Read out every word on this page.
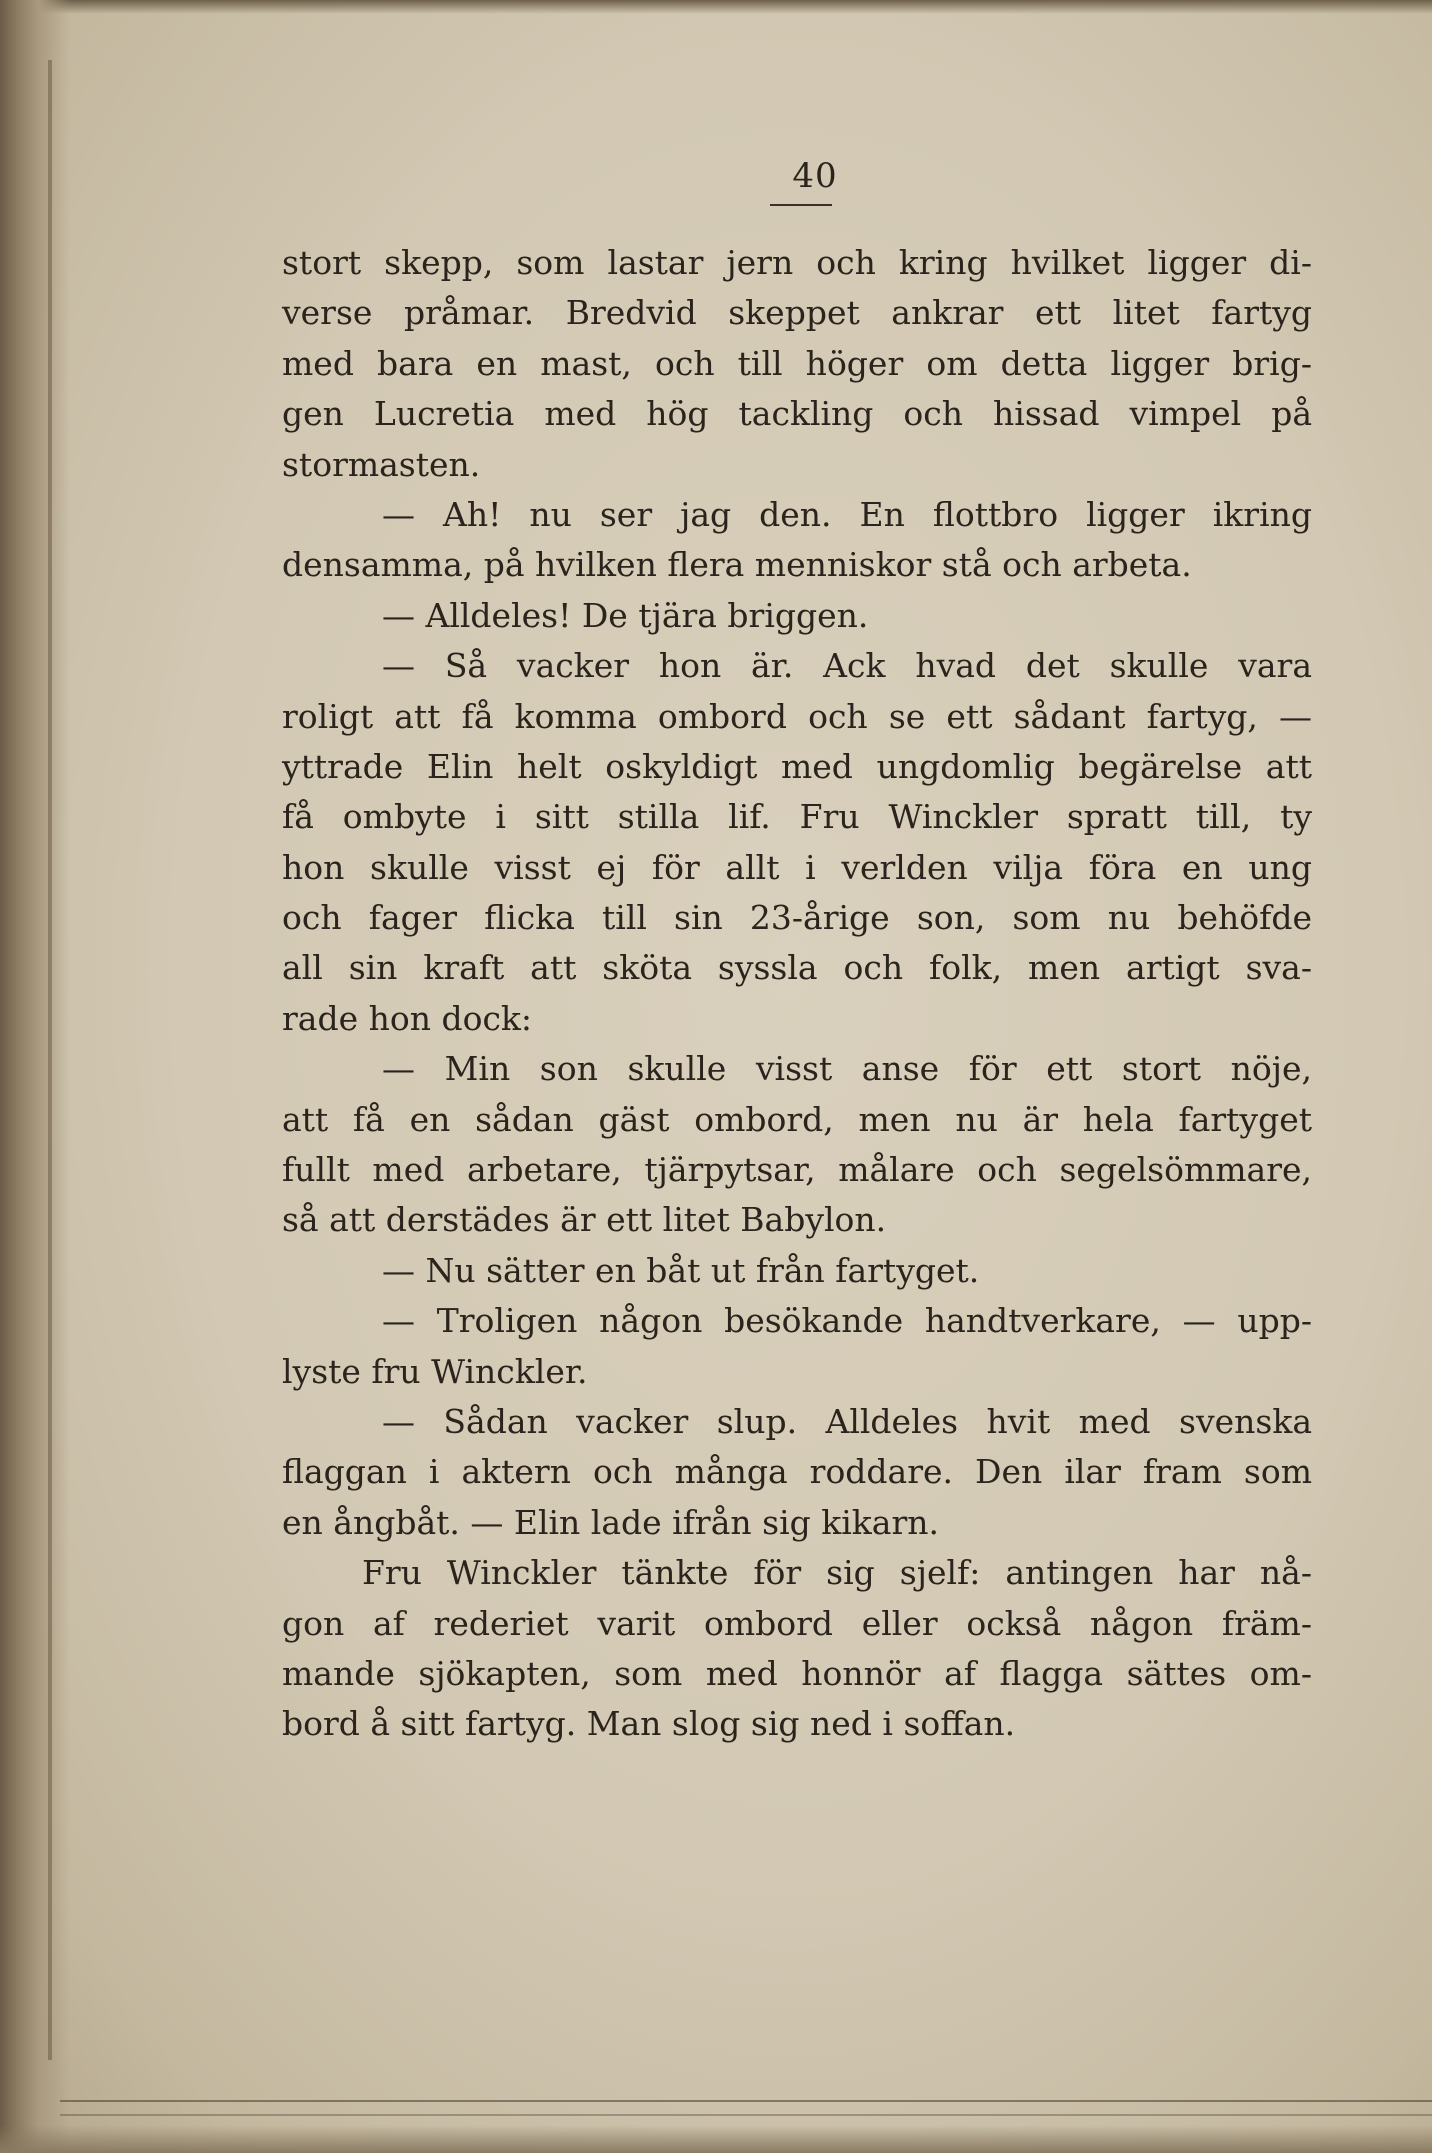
40
stort skepp, som lastar jern och kring hvilket ligger di-
verse pråmar. Bredvid skeppet ankrar ett litet fartyg
med bara en mast, och till höger om detta ligger brig-
gen Lucretia med hög tackling och hissad vimpel på
stormasten.
— Ah! nu ser jag den. En flottbro ligger ikring
densamma, på hvilken flera menniskor stå och arbeta.
— Alldeles! De tjära briggen.
— Så vacker hon är. Ack hvad det skulle vara
roligt att få komma ombord och se ett sådant fartyg, —
yttrade Elin helt oskyldigt med ungdomlig begärelse att
få ombyte i sitt stilla lif. Fru Winckler spratt till, ty
hon skulle visst ej för allt i verlden vilja föra en ung
och fager flicka till sin 23-årige son, som nu behöfde
all sin kraft att sköta syssla och folk, men artigt sva-
rade hon dock:
— Min son skulle visst anse för ett stort nöje,
att få en sådan gäst ombord, men nu är hela fartyget
fullt med arbetare, tjärpytsar, målare och segelsömmare,
så att derstädes är ett litet Babylon.
— Nu sätter en båt ut från fartyget.
— Troligen någon besökande handtverkare, — upp-
lyste fru Winckler.
— Sådan vacker slup. Alldeles hvit med svenska
flaggan i aktern och många roddare. Den ilar fram som
en ångbåt. — Elin lade ifrån sig kikarn.
Fru Winckler tänkte för sig sjelf: antingen har nå-
gon af rederiet varit ombord eller också någon främ-
mande sjökapten, som med honnör af flagga sättes om-
bord å sitt fartyg. Man slog sig ned i soffan.
